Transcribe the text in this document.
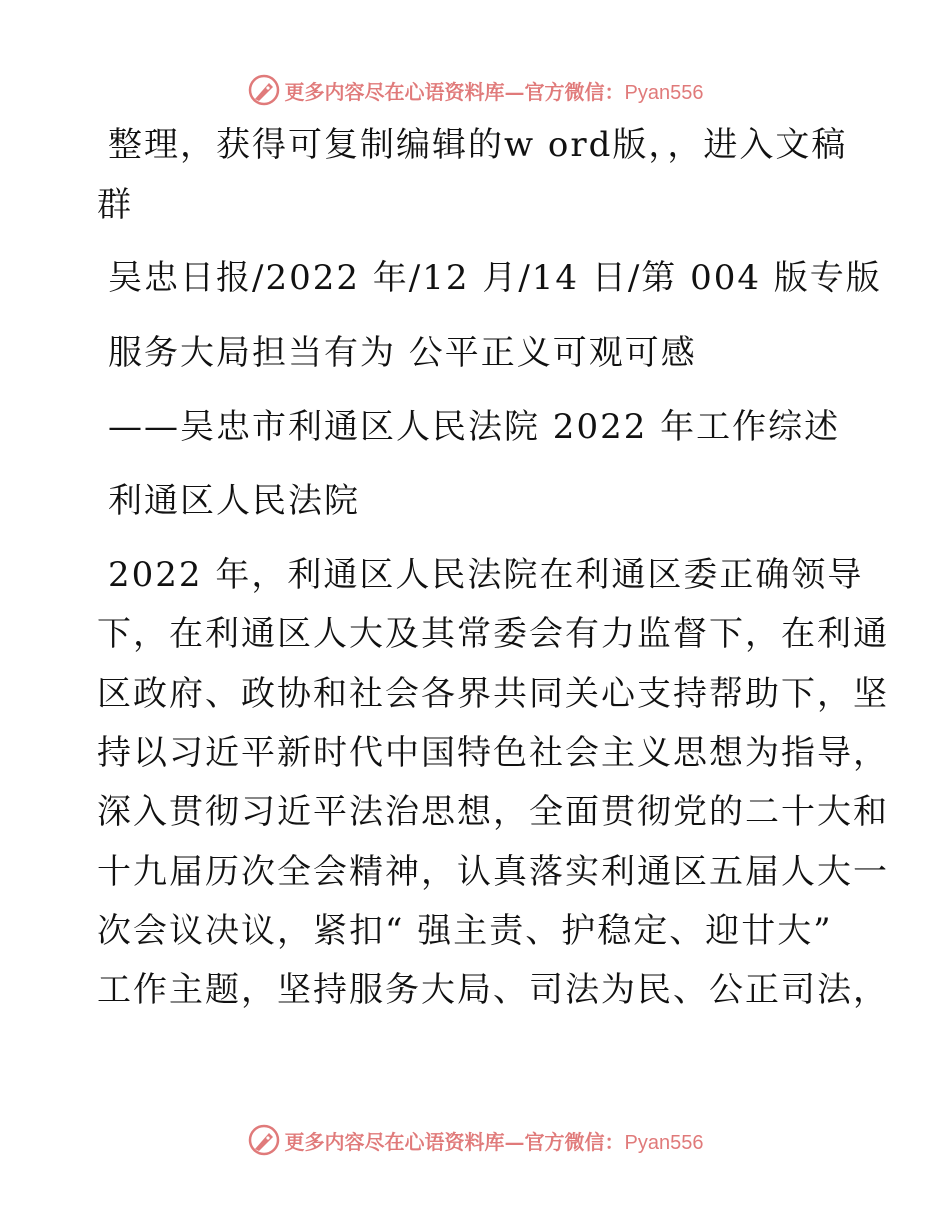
更多内容尽在心语资料库—官方微信：Pyan556
整理，获得可复制编辑的w ord版，，进入文稿
群
吴忠日报/2022 年/12 月/14 日/第 004 版专版
服务大局担当有为 公平正义可观可感
——吴忠市利通区人民法院 2022 年工作综述
利通区人民法院
2022 年，利通区人民法院在利通区委正确领导
下，在利通区人大及其常委会有力监督下，在利通
区政府、政协和社会各界共同关心支持帮助下，坚
持以习近平新时代中国特色社会主义思想为指导，
深入贯彻习近平法治思想，全面贯彻党的二十大和
十九届历次全会精神，认真落实利通区五届人大一
次会议决议，紧扣“ 强主责、护稳定、迎廿大”
工作主题，坚持服务大局、司法为民、公正司法，
更多内容尽在心语资料库—官方微信：Pyan556
